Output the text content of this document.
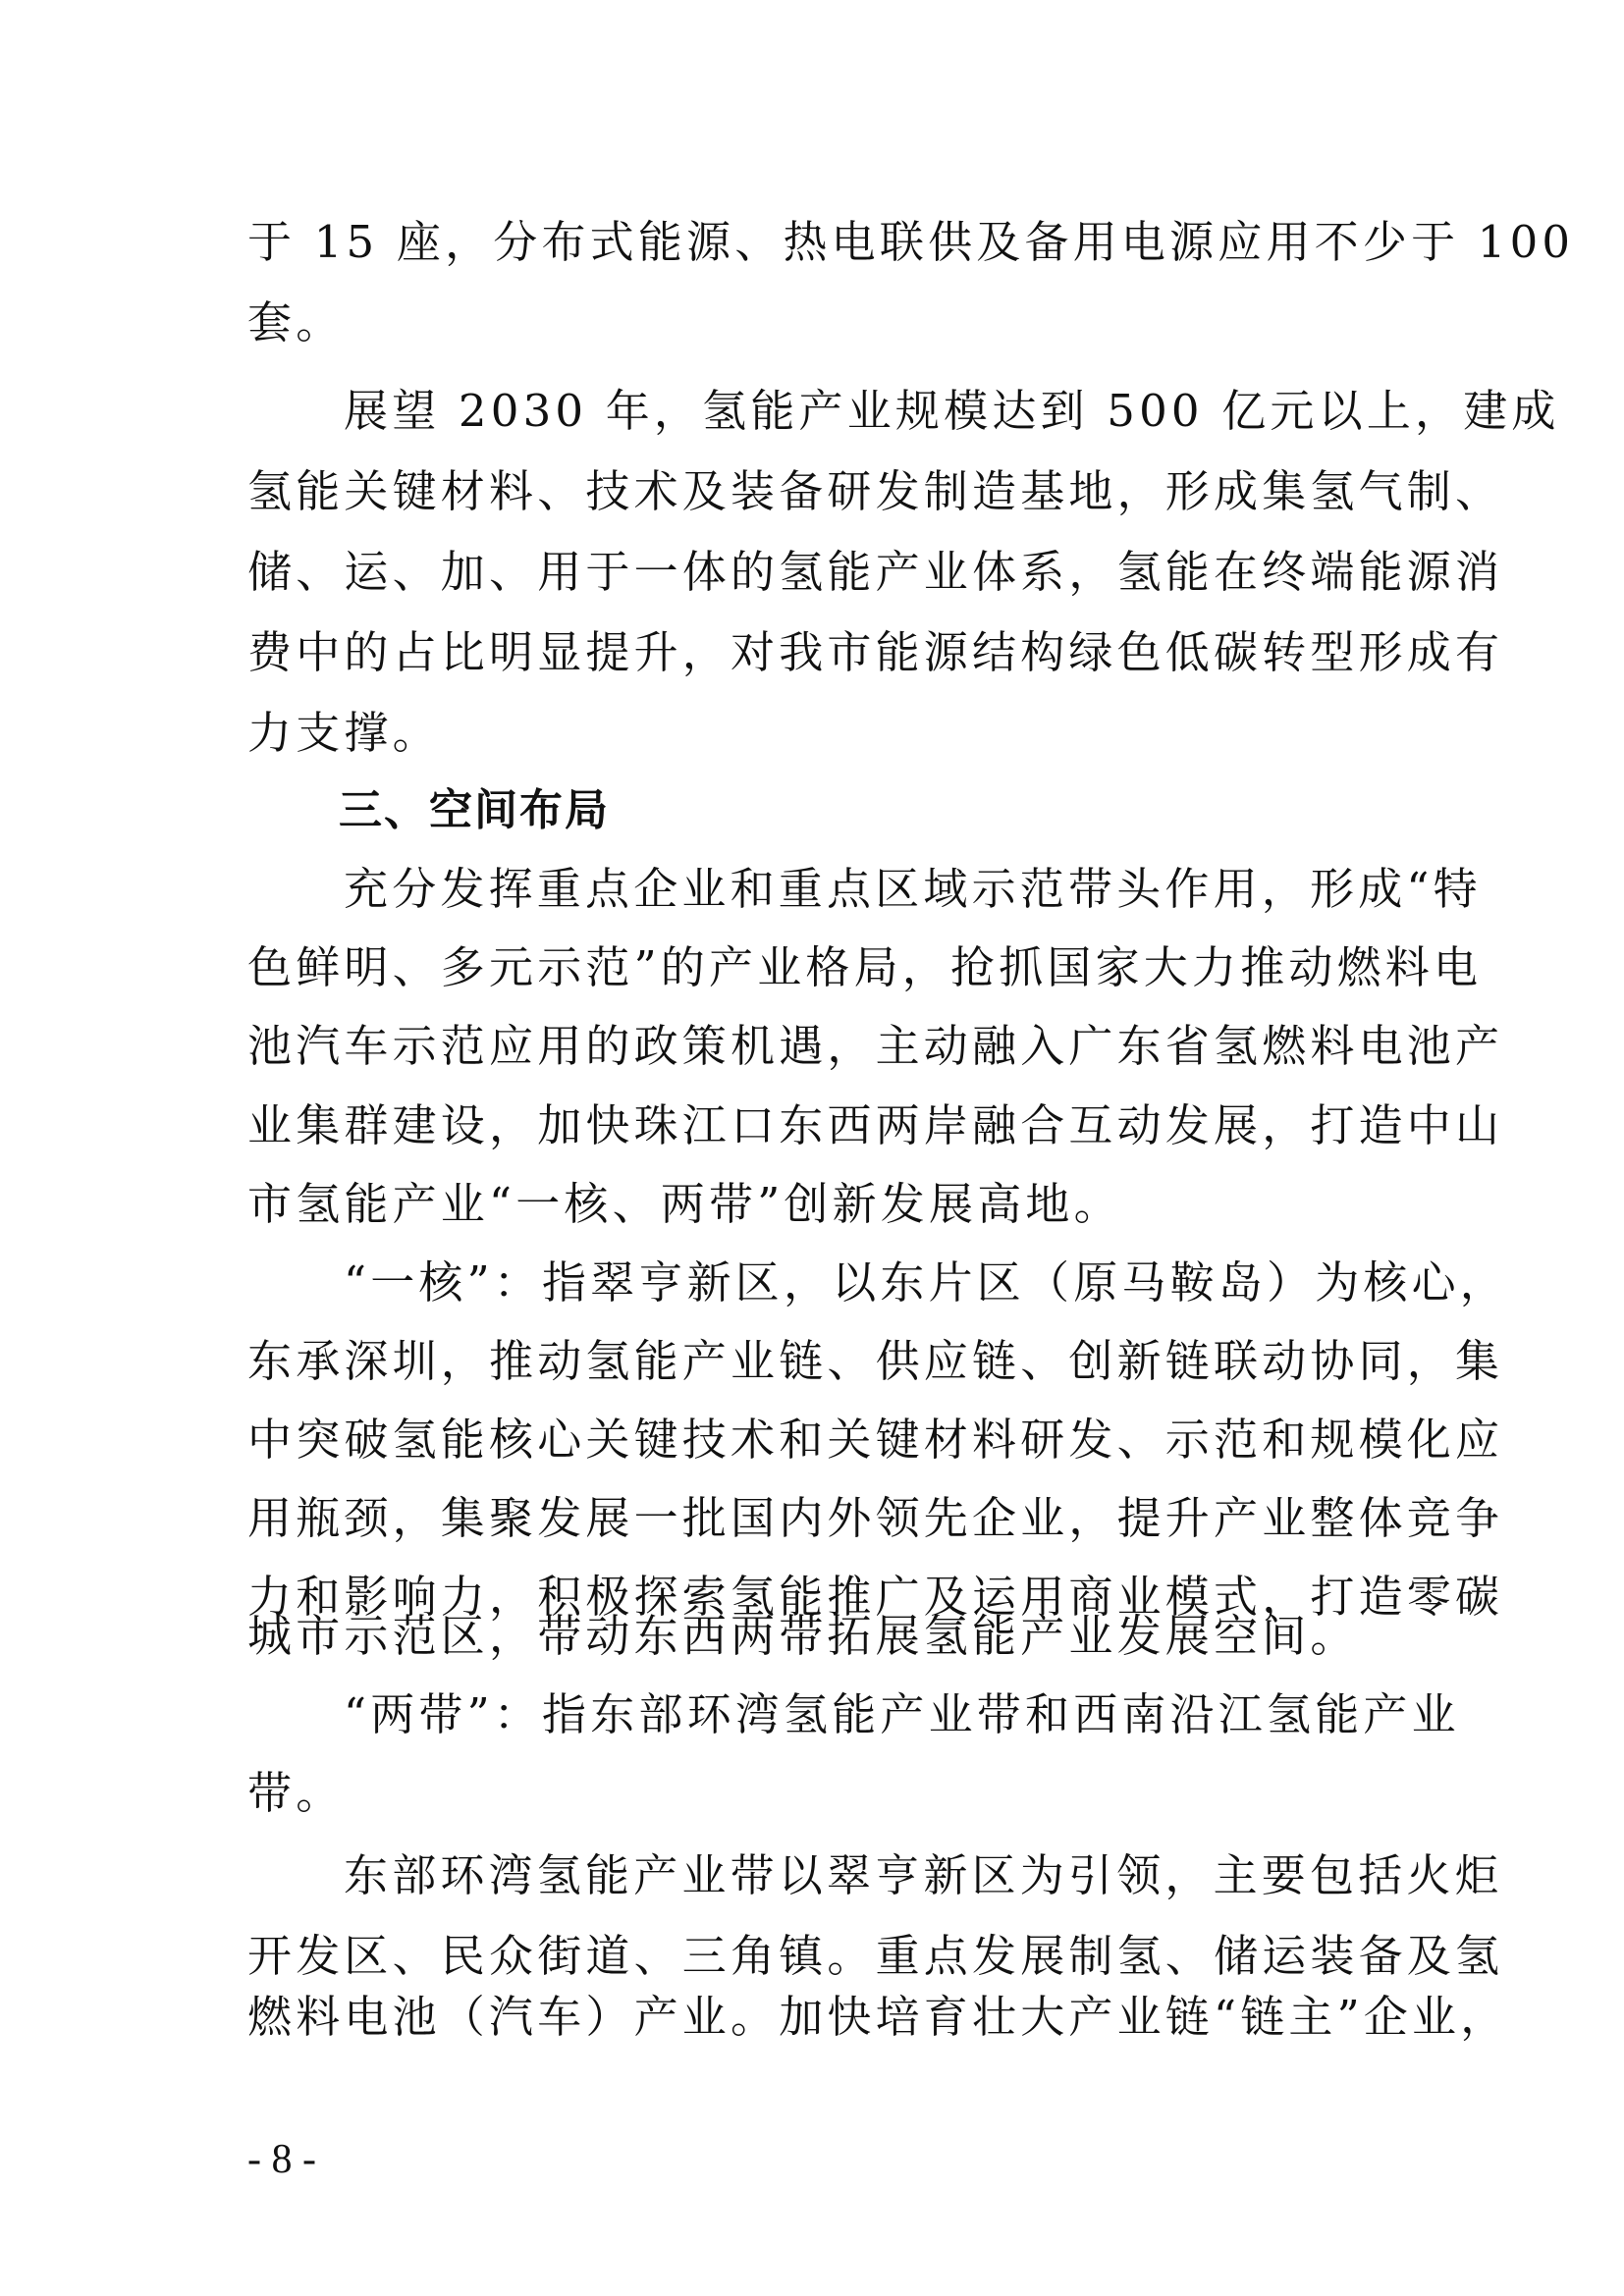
于 15 座，分布式能源、热电联供及备用电源应用不少于 100
套。
展望 2030 年，氢能产业规模达到 500 亿元以上，建成
氢能关键材料、技术及装备研发制造基地，形成集氢气制、
储、运、加、用于一体的氢能产业体系，氢能在终端能源消
费中的占比明显提升，对我市能源结构绿色低碳转型形成有
力支撑。
三、空间布局
充分发挥重点企业和重点区域示范带头作用，形成“特
色鲜明、多元示范”的产业格局，抢抓国家大力推动燃料电
池汽车示范应用的政策机遇，主动融入广东省氢燃料电池产
业集群建设，加快珠江口东西两岸融合互动发展，打造中山
市氢能产业“一核、两带”创新发展高地。
“一核”：指翠亨新区，以东片区（原马鞍岛）为核心，
东承深圳，推动氢能产业链、供应链、创新链联动协同，集
中突破氢能核心关键技术和关键材料研发、示范和规模化应
用瓶颈，集聚发展一批国内外领先企业，提升产业整体竞争
力和影响力，积极探索氢能推广及运用商业模式，打造零碳
城市示范区，带动东西两带拓展氢能产业发展空间。
“两带”：指东部环湾氢能产业带和西南沿江氢能产业
带。
东部环湾氢能产业带以翠亨新区为引领，主要包括火炬
开发区、民众街道、三角镇。重点发展制氢、储运装备及氢
燃料电池（汽车）产业。加快培育壮大产业链“链主”企业，
- 8 -
